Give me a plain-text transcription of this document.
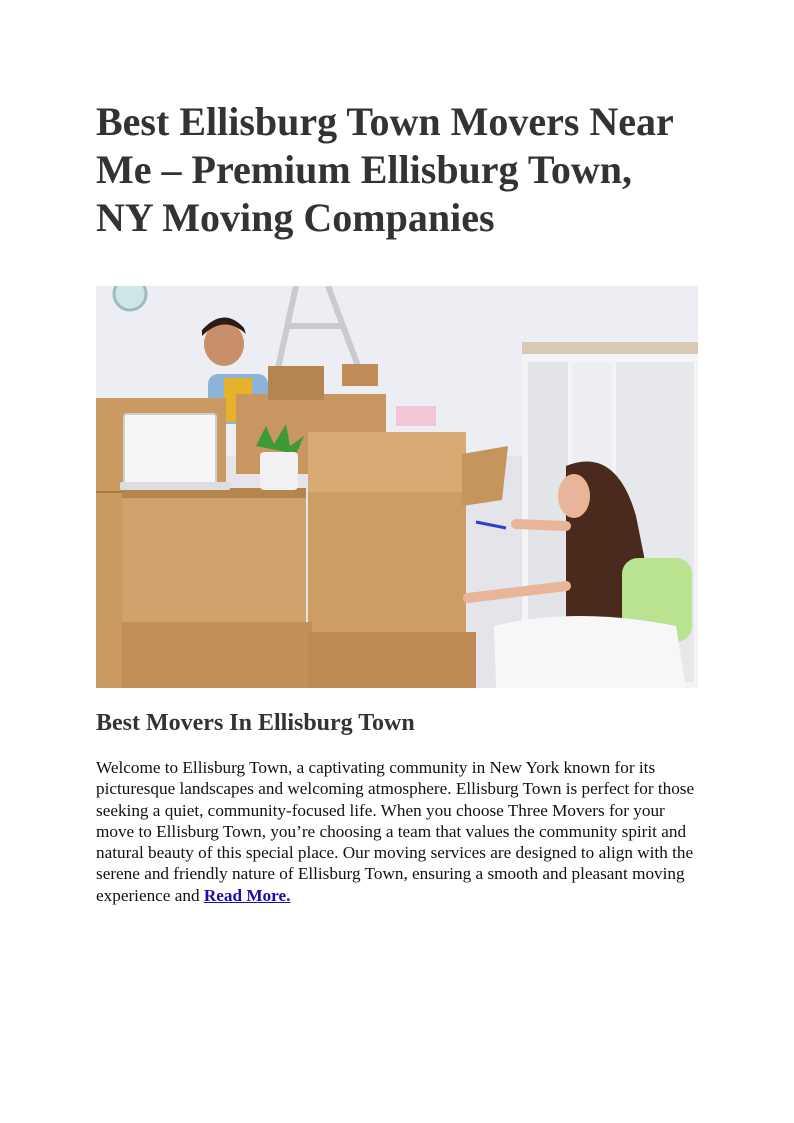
Best Ellisburg Town Movers Near Me – Premium Ellisburg Town, NY Moving Companies
Best Movers In Ellisburg Town

Welcome to Ellisburg Town, a captivating community in New York known for its picturesque landscapes and welcoming atmosphere. Ellisburg Town is perfect for those seeking a quiet, community-focused life. When you choose Three Movers for your move to Ellisburg Town, you’re choosing a team that values the community spirit and natural beauty of this special place. Our moving services are designed to align with the serene and friendly nature of Ellisburg Town, ensuring a smooth and pleasant moving experience and Read More.
